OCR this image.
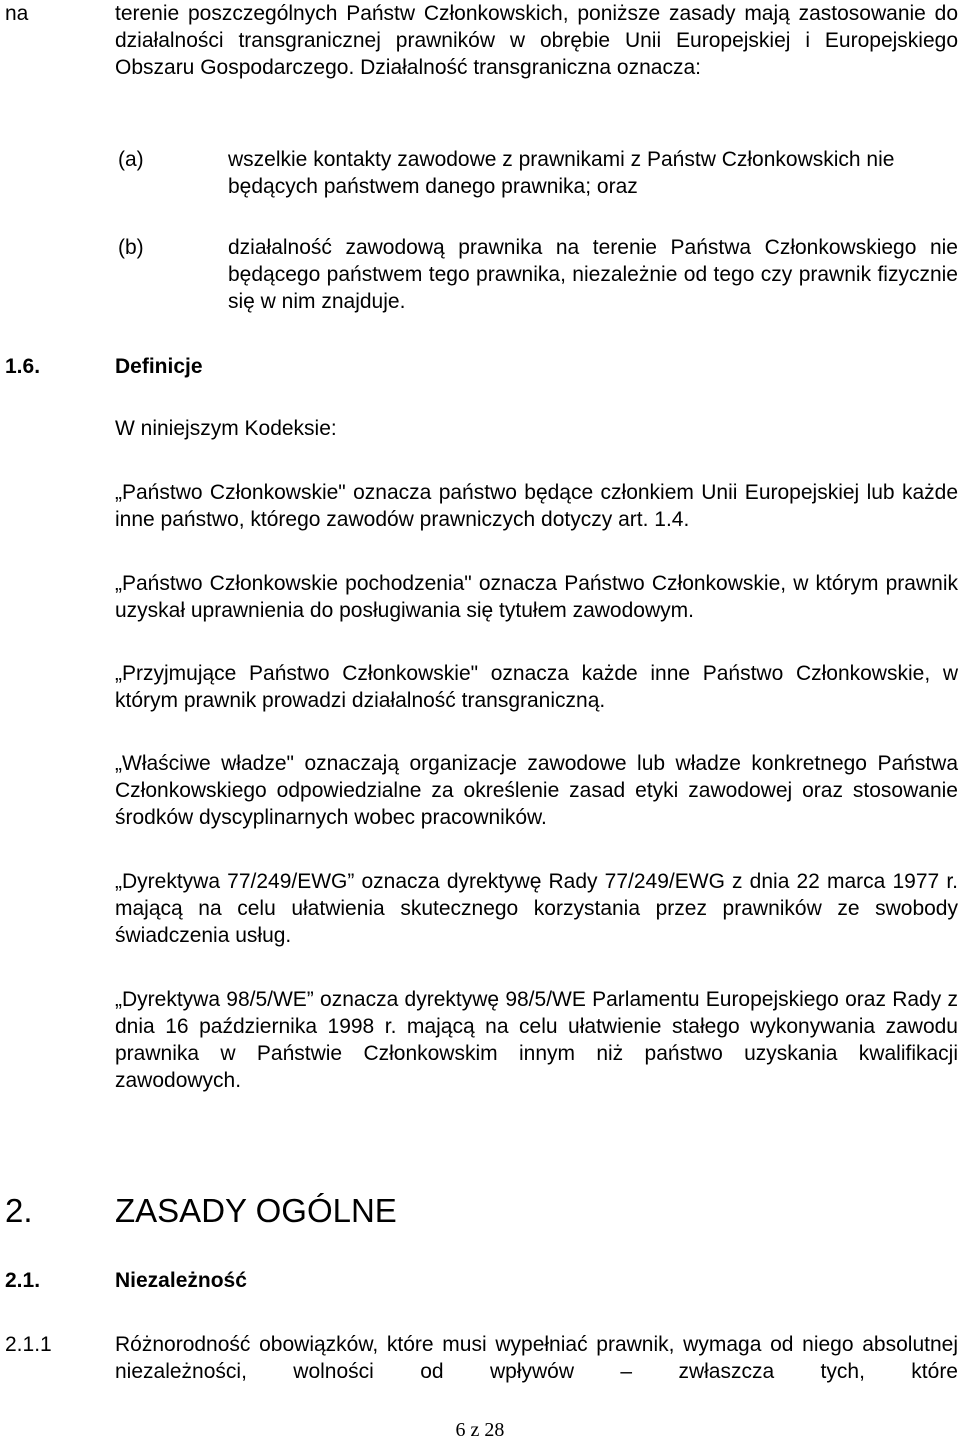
na	terenie poszczególnych Państw Członkowskich, poniższe zasady mają zastosowanie do działalności transgranicznej prawników w obrębie Unii Europejskiej i Europejskiego Obszaru Gospodarczego. Działalność transgraniczna oznacza:
(a)	wszelkie kontakty zawodowe z prawnikami z Państw Członkowskich nie będących państwem danego prawnika; oraz
(b)	działalność zawodową prawnika na terenie Państwa Członkowskiego nie będącego państwem tego prawnika, niezależnie od tego czy prawnik fizycznie się w nim znajduje.
1.6.	Definicje
W niniejszym Kodeksie:
„Państwo Członkowskie" oznacza państwo będące członkiem Unii Europejskiej lub każde inne państwo, którego zawodów prawniczych dotyczy art. 1.4.
„Państwo Członkowskie pochodzenia" oznacza Państwo Członkowskie, w którym prawnik uzyskał uprawnienia do posługiwania się tytułem zawodowym.
„Przyjmujące Państwo Członkowskie" oznacza każde inne Państwo Członkowskie, w którym prawnik prowadzi działalność transgraniczną.
„Właściwe władze" oznaczają organizacje zawodowe lub władze konkretnego Państwa Członkowskiego odpowiedzialne za określenie zasad etyki zawodowej oraz stosowanie środków dyscyplinarnych wobec pracowników.
„Dyrektywa 77/249/EWG” oznacza dyrektywę Rady 77/249/EWG z dnia 22 marca 1977 r. mającą na celu ułatwienia skutecznego korzystania przez prawników ze swobody świadczenia usług.
„Dyrektywa 98/5/WE” oznacza dyrektywę 98/5/WE Parlamentu Europejskiego oraz Rady z dnia 16 października 1998 r. mającą na celu ułatwienie stałego wykonywania zawodu prawnika w Państwie Członkowskim innym niż państwo uzyskania kwalifikacji zawodowych.
2. ZASADY OGÓLNE
2.1.	Niezależność
2.1.1	Różnorodność obowiązków, które musi wypełniać prawnik, wymaga od niego absolutnej niezależności, wolności od wpływów – zwłaszcza tych, które
6 z 28
